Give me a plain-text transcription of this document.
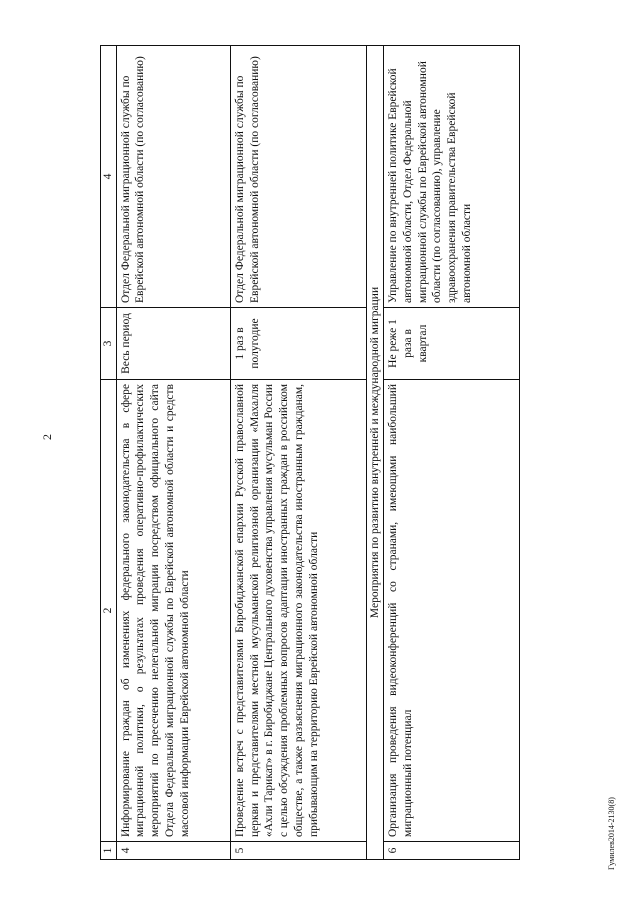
2
Гумилев2014-2130(8)
1	2	3	4
4	Информирование граждан об изменениях федерального законодательства в сфере миграционной политики, о результатах проведения оперативно-профилактических мероприятий по пресечению нелегальной миграции посредством официального сайта Отдела Федеральной миграционной службы по Еврейской автономной области и средств массовой информации Еврейской автономной области	Весь период	Отдел Федеральной миграционной службы по Еврейской автономной области (по согласованию)
5	Проведение встреч с представителями Биробиджанской епархии Русской православной церкви и представителями местной мусульманской религиозной организации «Махалля «Ахли Тарикат» в г. Биробиджане Центрального духовенства управления мусульман России с целью обсуждения проблемных вопросов адаптации иностранных граждан в российском обществе, а также разъяснения миграционного законодательства иностранным гражданам, прибывающим на территорию Еврейской автономной области	1 раз в полугодие	Отдел Федеральной миграционной службы по Еврейской автономной области (по согласованию)
Мероприятия по развитию внутренней и международной миграции			
6	Организация проведения видеоконференций со странами, имеющими наибольший миграционный потенциал	Не реже 1 раза в квартал	Управление по внутренней политике Еврейской автономной области, Отдел Федеральной миграционной службы по Еврейской автономной области (по согласованию), управление здравоохранения правительства Еврейской автономной области
